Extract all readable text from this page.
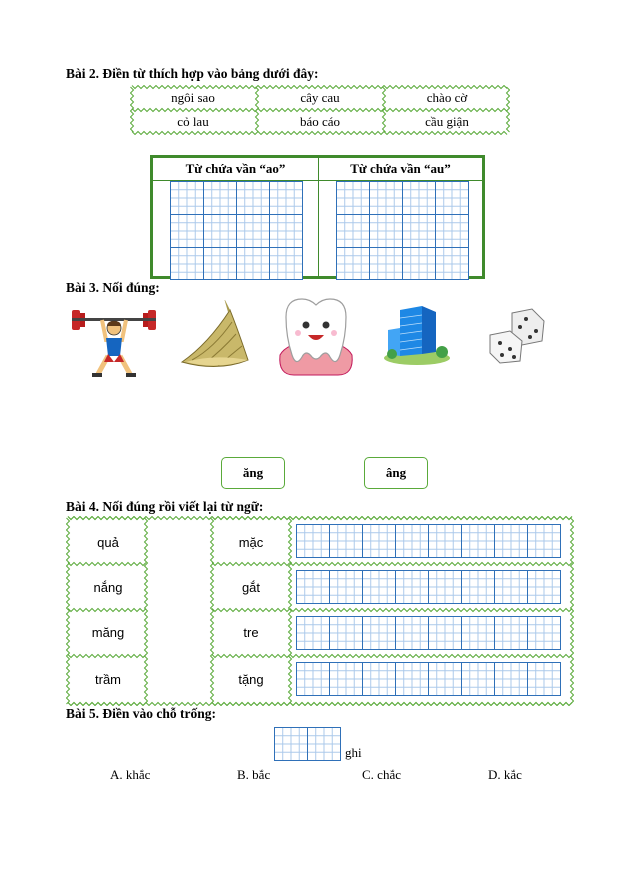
Bài 2. Điền từ thích hợp vào bảng dưới đây:
ngôi sao	cây cau	chào cờ
cỏ lau	báo cáo	cầu giận
Từ chứa vần “ao”	Từ chứa vần “au”
Bài 3. Nối đúng:
ăng	âng
Bài 4. Nối đúng rồi viết lại từ ngữ:
quả
nắng
măng
trầm
mặc
gắt
tre
tặng
Bài 5. Điền vào chỗ trống:
ghi
A. khắc	B. bắc	C. chắc	D. kắc
